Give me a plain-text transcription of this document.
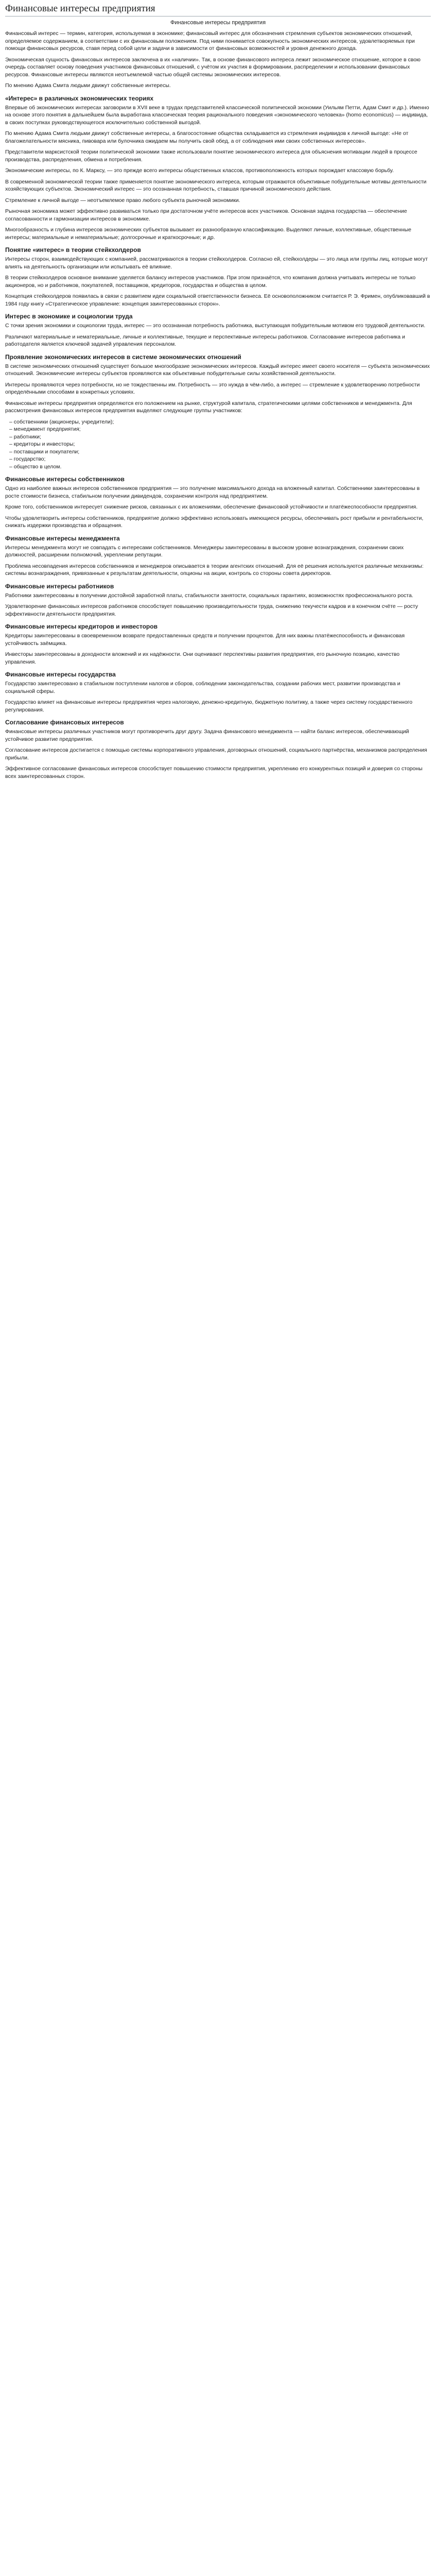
Финансовые интересы предприятия
Финансовые интересы предприятия

Финансовый интерес — термин, категория, используемая в экономике; финансовый интерес для обозначения стремления субъектов экономических отношений, определяемое содержанием, в соответствии с их финансовым положением. Под ними понимается совокупность экономических интересов, удовлетворяемых при помощи финансовых ресурсов, ставя перед собой цели и задачи в зависимости от финансовых возможностей и уровня денежного дохода.

Экономическая сущность финансовых интересов заключена в их «наличии». Так, в основе финансового интереса лежит экономическое отношение, которое в свою очередь составляет основу поведения участников финансовых отношений, с учётом их участия в формировании, распределении и использовании финансовых ресурсов. Финансовые интересы являются неотъемлемой частью общей системы экономических интересов.

По мнению Адама Смита людьми движут собственные интересы.

«Интерес» в различных экономических теориях

Впервые об экономических интересах заговорили в XVII веке в трудах представителей классической политической экономии (Уильям Петти, Адам Смит и др.). Именно на основе этого понятия в дальнейшем была выработана классическая теория рационального поведения «экономического человека» (homo economicus) — индивида, в своих поступках руководствующегося исключительно собственной выгодой.

По мнению Адама Смита людьми движут собственные интересы, а благосостояние общества складывается из стремления индивидов к личной выгоде: «Не от благожелательности мясника, пивовара или булочника ожидаем мы получить свой обед, а от соблюдения ими своих собственных интересов».

Представители марксистской теории политической экономии также использовали понятие экономического интереса для объяснения мотивации людей в процессе производства, распределения, обмена и потребления.

Экономические интересы, по К. Марксу, — это прежде всего интересы общественных классов, противоположность которых порождает классовую борьбу.

В современной экономической теории также применяется понятие экономического интереса, которым отражаются объективные побудительные мотивы деятельности хозяйствующих субъектов. Экономический интерес — это осознанная потребность, ставшая причиной экономического действия.

Стремление к личной выгоде — неотъемлемое право любого субъекта рыночной экономики.

Рыночная экономика может эффективно развиваться только при достаточном учёте интересов всех участников. Основная задача государства — обеспечение согласованности и гармонизации интересов в экономике.

Многообразность и глубина интересов экономических субъектов вызывает их разнообразную классификацию. Выделяют личные, коллективные, общественные интересы; материальные и нематериальные; долгосрочные и краткосрочные; и др.

Понятие «интерес» в теории стейкхолдеров

Интересы сторон, взаимодействующих с компанией, рассматриваются в теории стейкхолдеров. Согласно ей, стейкхолдеры — это лица или группы лиц, которые могут влиять на деятельность организации или испытывать её влияние.

В теории стейкхолдеров основное внимание уделяется балансу интересов участников. При этом признаётся, что компания должна учитывать интересы не только акционеров, но и работников, покупателей, поставщиков, кредиторов, государства и общества в целом.

Концепция стейкхолдеров появилась в связи с развитием идеи социальной ответственности бизнеса. Её основоположником считается Р. Э. Фримен, опубликовавший в 1984 году книгу «Стратегическое управление: концепция заинтересованных сторон».

Интерес в экономике и социологии труда

С точки зрения экономики и социологии труда, интерес — это осознанная потребность работника, выступающая побудительным мотивом его трудовой деятельности.

Различают материальные и нематериальные, личные и коллективные, текущие и перспективные интересы работников. Согласование интересов работника и работодателя является ключевой задачей управления персоналом.

Проявление экономических интересов в системе экономических отношений

В системе экономических отношений существует большое многообразие экономических интересов. Каждый интерес имеет своего носителя — субъекта экономических отношений. Экономические интересы субъектов проявляются как объективные побудительные силы хозяйственной деятельности.

Интересы проявляются через потребности, но не тождественны им. Потребность — это нужда в чём-либо, а интерес — стремление к удовлетворению потребности определёнными способами в конкретных условиях.

Финансовые интересы предприятия определяются его положением на рынке, структурой капитала, стратегическими целями собственников и менеджмента. Для рассмотрения финансовых интересов предприятия выделяют следующие группы участников:

– собственники (акционеры, учредители);
– менеджмент предприятия;
– работники;
– кредиторы и инвесторы;
– поставщики и покупатели;
– государство;
– общество в целом.
Финансовые интересы собственников

Одно из наиболее важных интересов собственников предприятия — это получение максимального дохода на вложенный капитал. Собственники заинтересованы в росте стоимости бизнеса, стабильном получении дивидендов, сохранении контроля над предприятием.

Кроме того, собственников интересует снижение рисков, связанных с их вложениями, обеспечение финансовой устойчивости и платёжеспособности предприятия.

Чтобы удовлетворить интересы собственников, предприятие должно эффективно использовать имеющиеся ресурсы, обеспечивать рост прибыли и рентабельности, снижать издержки производства и обращения.

Финансовые интересы менеджмента

Интересы менеджмента могут не совпадать с интересами собственников. Менеджеры заинтересованы в высоком уровне вознаграждения, сохранении своих должностей, расширении полномочий, укреплении репутации.

Проблема несовпадения интересов собственников и менеджеров описывается в теории агентских отношений. Для её решения используются различные механизмы: системы вознаграждения, привязанные к результатам деятельности, опционы на акции, контроль со стороны совета директоров.

Финансовые интересы работников

Работники заинтересованы в получении достойной заработной платы, стабильности занятости, социальных гарантиях, возможностях профессионального роста.

Удовлетворение финансовых интересов работников способствует повышению производительности труда, снижению текучести кадров и в конечном счёте — росту эффективности деятельности предприятия.

Финансовые интересы кредиторов и инвесторов

Кредиторы заинтересованы в своевременном возврате предоставленных средств и получении процентов. Для них важны платёжеспособность и финансовая устойчивость заёмщика.

Инвесторы заинтересованы в доходности вложений и их надёжности. Они оценивают перспективы развития предприятия, его рыночную позицию, качество управления.

Финансовые интересы государства

Государство заинтересовано в стабильном поступлении налогов и сборов, соблюдении законодательства, создании рабочих мест, развитии производства и социальной сферы.

Государство влияет на финансовые интересы предприятия через налоговую, денежно-кредитную, бюджетную политику, а также через систему государственного регулирования.

Согласование финансовых интересов

Финансовые интересы различных участников могут противоречить друг другу. Задача финансового менеджмента — найти баланс интересов, обеспечивающий устойчивое развитие предприятия.

Согласование интересов достигается с помощью системы корпоративного управления, договорных отношений, социального партнёрства, механизмов распределения прибыли.

Эффективное согласование финансовых интересов способствует повышению стоимости предприятия, укреплению его конкурентных позиций и доверия со стороны всех заинтересованных сторон.
